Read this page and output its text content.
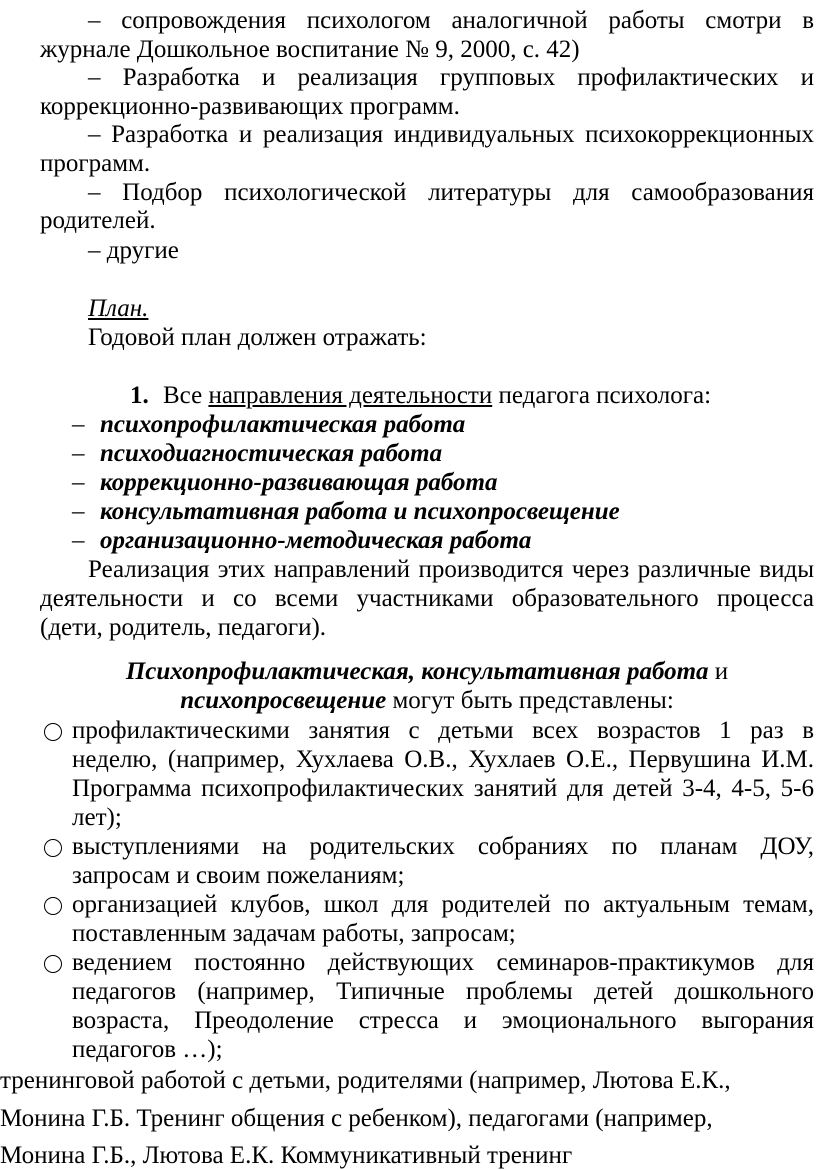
– сопровождения психологом аналогичной работы смотри в
журнале Дошкольное воспитание № 9, 2000, с. 42)
– Разработка и реализация групповых профилактических и
коррекционно-развивающих программ.
– Разработка и реализация индивидуальных психокоррекционных
программ.
– Подбор психологической литературы для самообразования
родителей.
– другие
План.
Годовой план должен отражать:
1. Все направления деятельности педагога психолога:
– психопрофилактическая работа
– психодиагностическая работа
– коррекционно-развивающая работа
– консультативная работа и психопросвещение
– организационно-методическая работа
Реализация этих направлений производится через различные виды
деятельности и со всеми участниками образовательного процесса
(дети, родитель, педагоги).
Психопрофилактическая, консультативная работа и
психопросвещение могут быть представлены:
профилактическими занятия с детьми всех возрастов 1 раз в
неделю, (например, Хухлаева О.В., Хухлаев О.Е., Первушина И.М.
Программа психопрофилактических занятий для детей 3-4, 4-5, 5-6
лет);
выступлениями на родительских собраниях по планам ДОУ,
запросам и своим пожеланиям;
организацией клубов, школ для родителей по актуальным темам,
поставленным задачам работы, запросам;
ведением постоянно действующих семинаров-практикумов для
педагогов (например, Типичные проблемы детей дошкольного
возраста, Преодоление стресса и эмоционального выгорания
педагогов …);
тренинговой работой с детьми, родителями (например, Лютова Е.К.,
Монина Г.Б. Тренинг общения с ребенком), педагогами (например,
Монина Г.Б., Лютова Е.К. Коммуникативный тренинг
